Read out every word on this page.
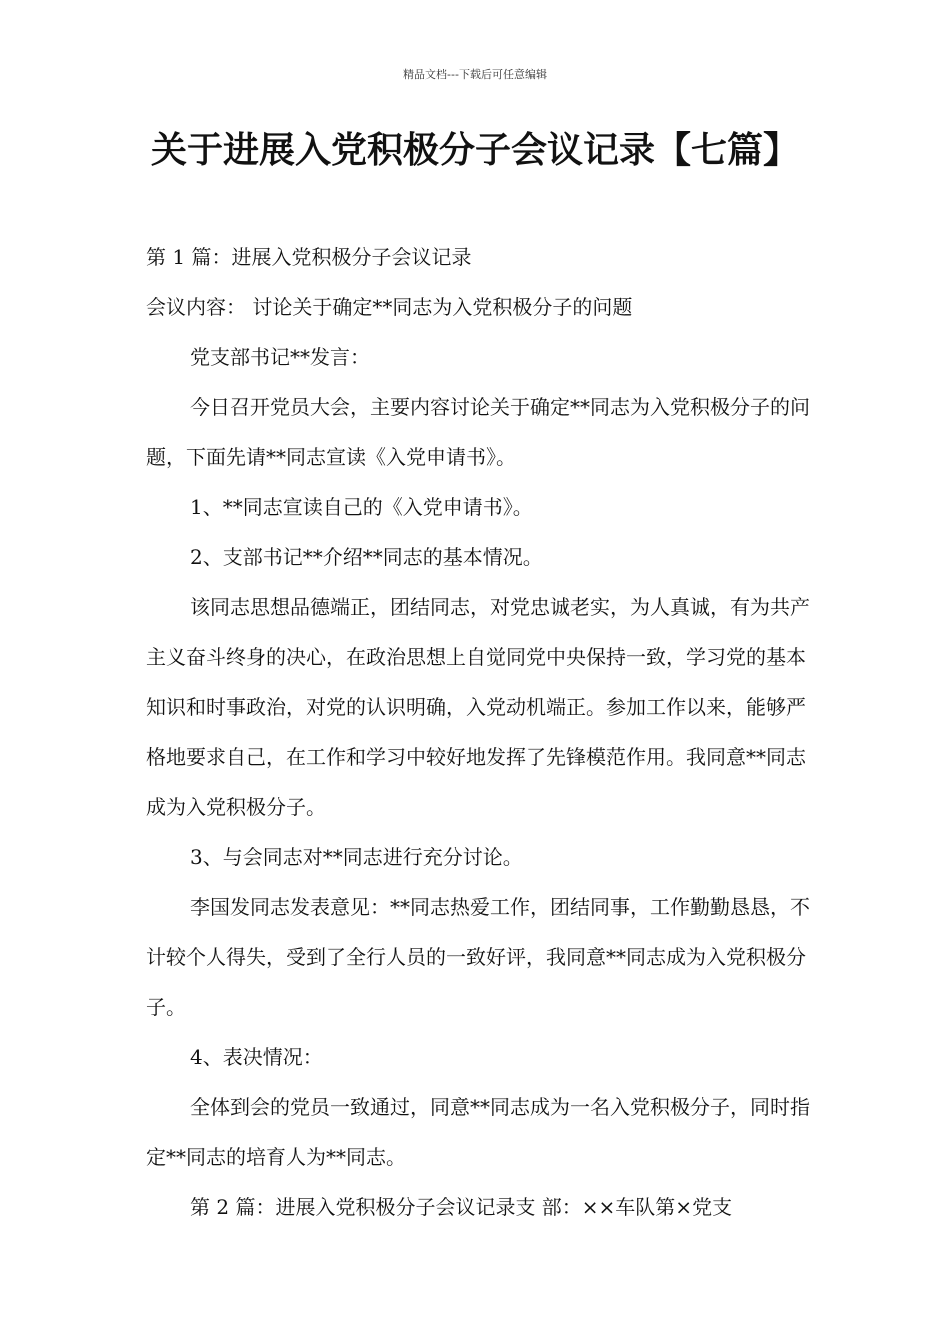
精品文档---下载后可任意编辑
关于进展入党积极分子会议记录【七篇】

第 1 篇：进展入党积极分子会议记录

会议内容： 讨论关于确定**同志为入党积极分子的问题

党支部书记**发言：

今日召开党员大会，主要内容讨论关于确定**同志为入党积极分子的问题，下面先请**同志宣读《入党申请书》。

1、**同志宣读自己的《入党申请书》。

2、支部书记**介绍**同志的基本情况。

该同志思想品德端正，团结同志，对党忠诚老实，为人真诚，有为共产主义奋斗终身的决心，在政治思想上自觉同党中央保持一致，学习党的基本知识和时事政治，对党的认识明确，入党动机端正。参加工作以来，能够严格地要求自己，在工作和学习中较好地发挥了先锋模范作用。我同意**同志成为入党积极分子。

3、与会同志对**同志进行充分讨论。

李国发同志发表意见：**同志热爱工作，团结同事，工作勤勤恳恳，不计较个人得失，受到了全行人员的一致好评，我同意**同志成为入党积极分子。

4、表决情况：

全体到会的党员一致通过，同意**同志成为一名入党积极分子，同时指定**同志的培育人为**同志。

第 2 篇：进展入党积极分子会议记录支 部：××车队第×党支
